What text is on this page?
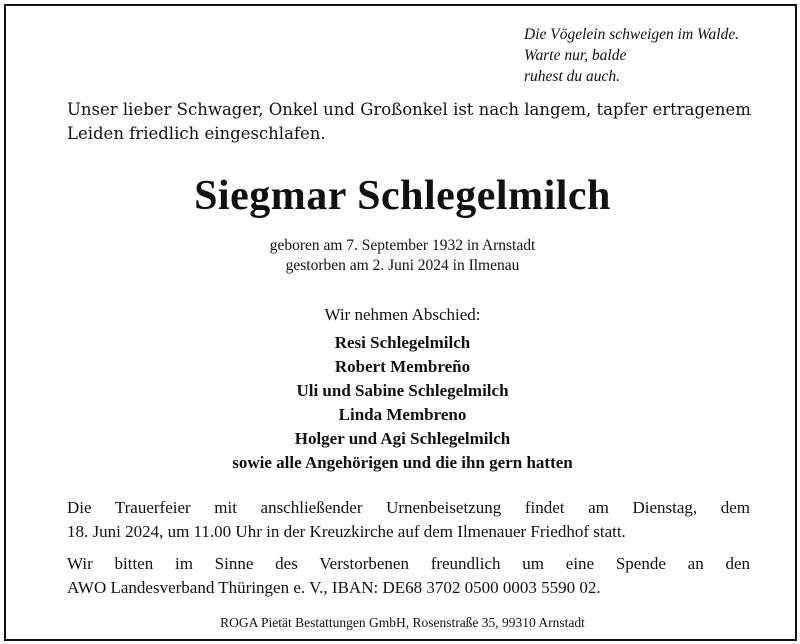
Die Vögelein schweigen im Walde.
Warte nur, balde
ruhest du auch.
Unser lieber Schwager, Onkel und Großonkel ist nach langem, tapfer ertragenem
Leiden friedlich eingeschlafen.
Siegmar Schlegelmilch
geboren am 7. September 1932 in Arnstadt
gestorben am 2. Juni 2024 in Ilmenau
Wir nehmen Abschied:
Resi Schlegelmilch
Robert Membreño
Uli und Sabine Schlegelmilch
Linda Membreno
Holger und Agi Schlegelmilch
sowie alle Angehörigen und die ihn gern hatten
Die Trauerfeier mit anschließender Urnenbeisetzung findet am Dienstag, dem
18. Juni 2024, um 11.00 Uhr in der Kreuzkirche auf dem Ilmenauer Friedhof statt.
Wir bitten im Sinne des Verstorbenen freundlich um eine Spende an den
AWO Landesverband Thüringen e. V., IBAN: DE68 3702 0500 0003 5590 02.
ROGA Pietät Bestattungen GmbH, Rosenstraße 35, 99310 Arnstadt
